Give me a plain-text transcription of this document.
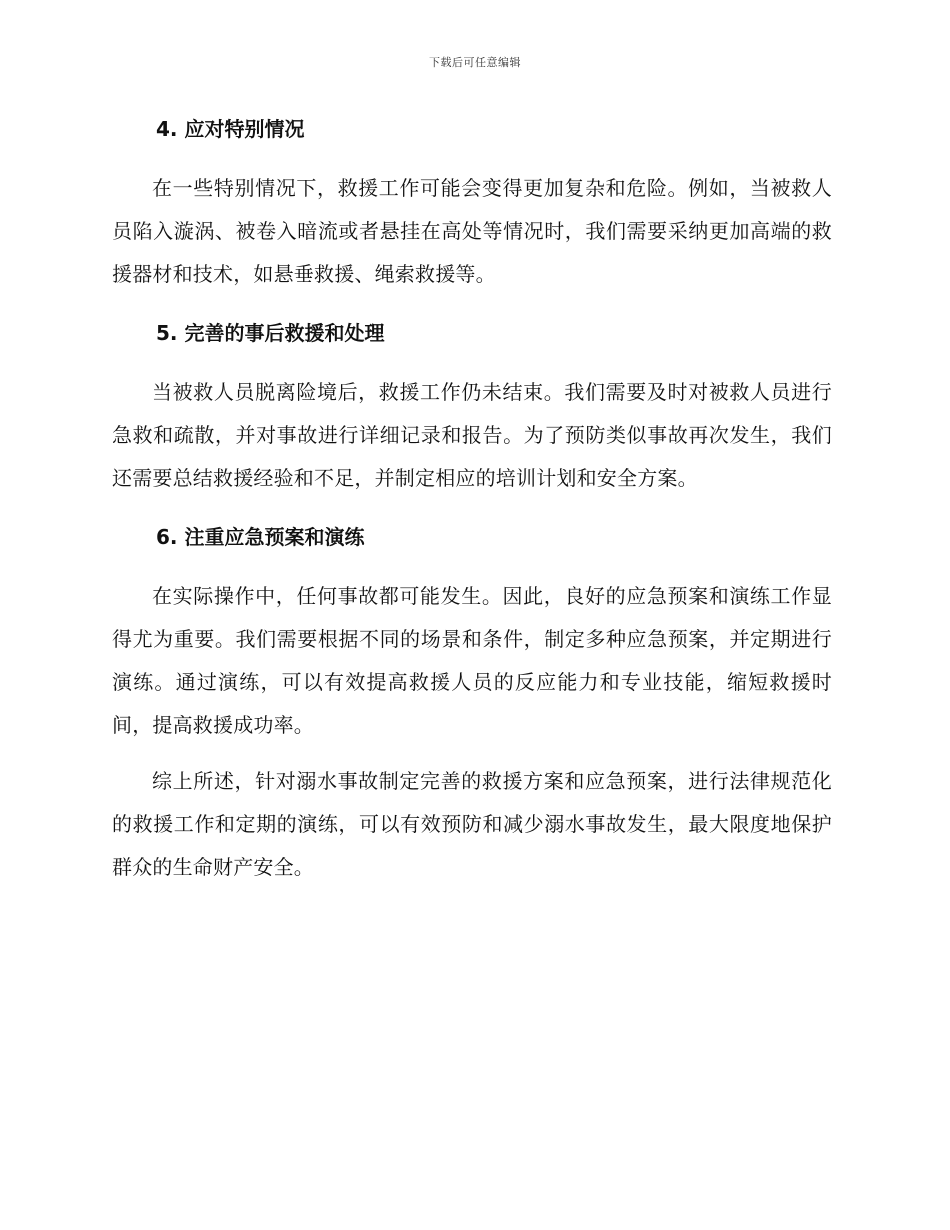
下载后可任意编辑
4. 应对特别情况

在一些特别情况下，救援工作可能会变得更加复杂和危险。例如，当被救人员陷入漩涡、被卷入暗流或者悬挂在高处等情况时，我们需要采纳更加高端的救援器材和技术，如悬垂救援、绳索救援等。

5. 完善的事后救援和处理

当被救人员脱离险境后，救援工作仍未结束。我们需要及时对被救人员进行急救和疏散，并对事故进行详细记录和报告。为了预防类似事故再次发生，我们还需要总结救援经验和不足，并制定相应的培训计划和安全方案。

6. 注重应急预案和演练

在实际操作中，任何事故都可能发生。因此，良好的应急预案和演练工作显得尤为重要。我们需要根据不同的场景和条件，制定多种应急预案，并定期进行演练。通过演练，可以有效提高救援人员的反应能力和专业技能，缩短救援时间，提高救援成功率。

综上所述，针对溺水事故制定完善的救援方案和应急预案，进行法律规范化的救援工作和定期的演练，可以有效预防和减少溺水事故发生，最大限度地保护群众的生命财产安全。
